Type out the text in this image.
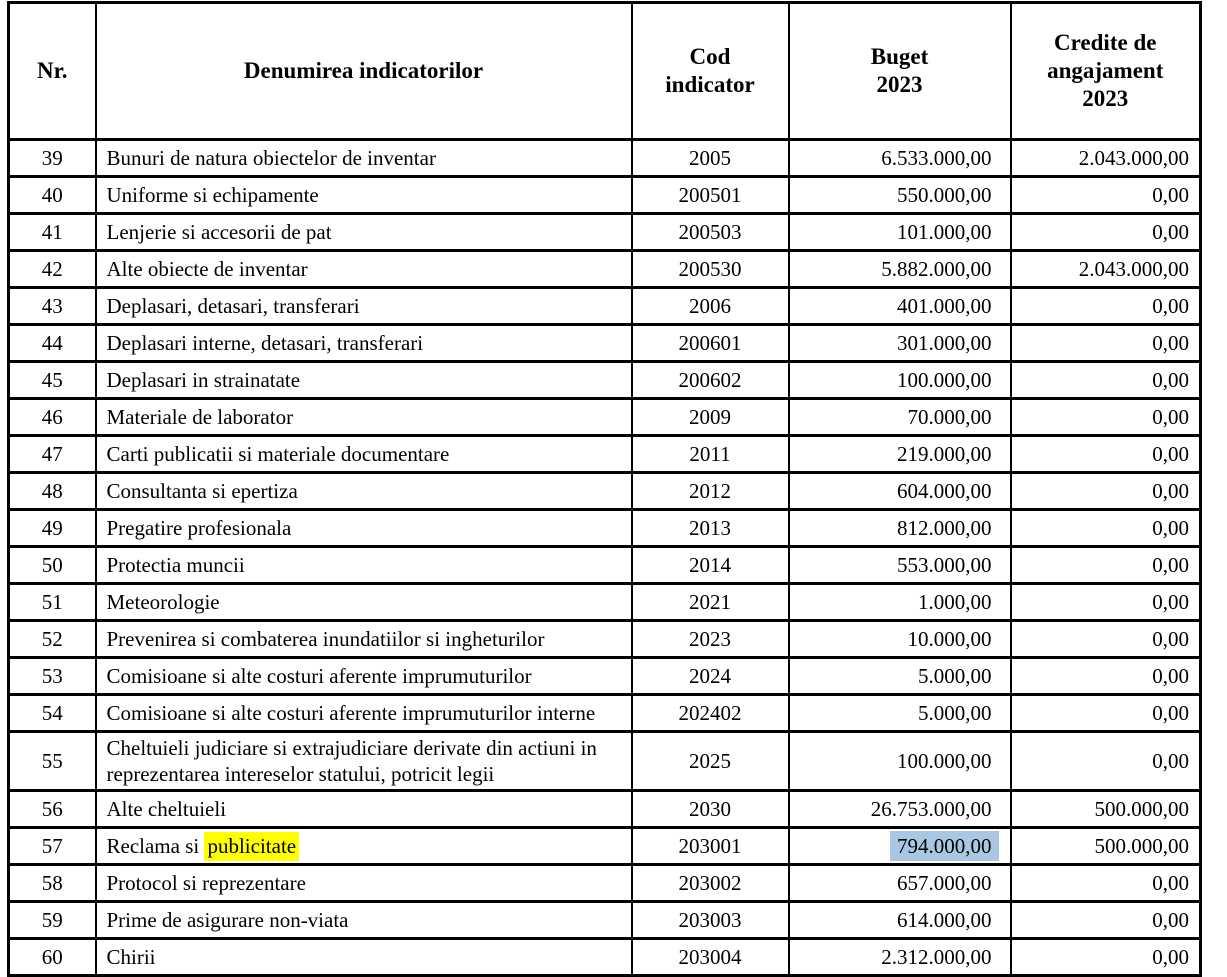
Nr.	Denumirea indicatorilor	Cod indicator	Buget 2023	Credite de angajament 2023

39	Bunuri de natura obiectelor de inventar	2005	6.533.000,00	2.043.000,00
40	Uniforme si echipamente	200501	550.000,00	0,00
41	Lenjerie si accesorii de pat	200503	101.000,00	0,00
42	Alte obiecte de inventar	200530	5.882.000,00	2.043.000,00
43	Deplasari, detasari, transferari	2006	401.000,00	0,00
44	Deplasari interne, detasari, transferari	200601	301.000,00	0,00
45	Deplasari in strainatate	200602	100.000,00	0,00
46	Materiale de laborator	2009	70.000,00	0,00
47	Carti publicatii si materiale documentare	2011	219.000,00	0,00
48	Consultanta si epertiza	2012	604.000,00	0,00
49	Pregatire profesionala	2013	812.000,00	0,00
50	Protectia muncii	2014	553.000,00	0,00
51	Meteorologie	2021	1.000,00	0,00
52	Prevenirea si combaterea inundatiilor si ingheturilor	2023	10.000,00	0,00
53	Comisioane si alte costuri aferente imprumuturilor	2024	5.000,00	0,00
54	Comisioane si alte costuri aferente imprumuturilor interne	202402	5.000,00	0,00
55	Cheltuieli judiciare si extrajudiciare derivate din actiuni in reprezentarea intereselor statului, potricit legii	2025	100.000,00	0,00
56	Alte cheltuieli	2030	26.753.000,00	500.000,00
57	Reclama si publicitate	203001	794.000,00	500.000,00
58	Protocol si reprezentare	203002	657.000,00	0,00
59	Prime de asigurare non-viata	203003	614.000,00	0,00
60	Chirii	203004	2.312.000,00	0,00
